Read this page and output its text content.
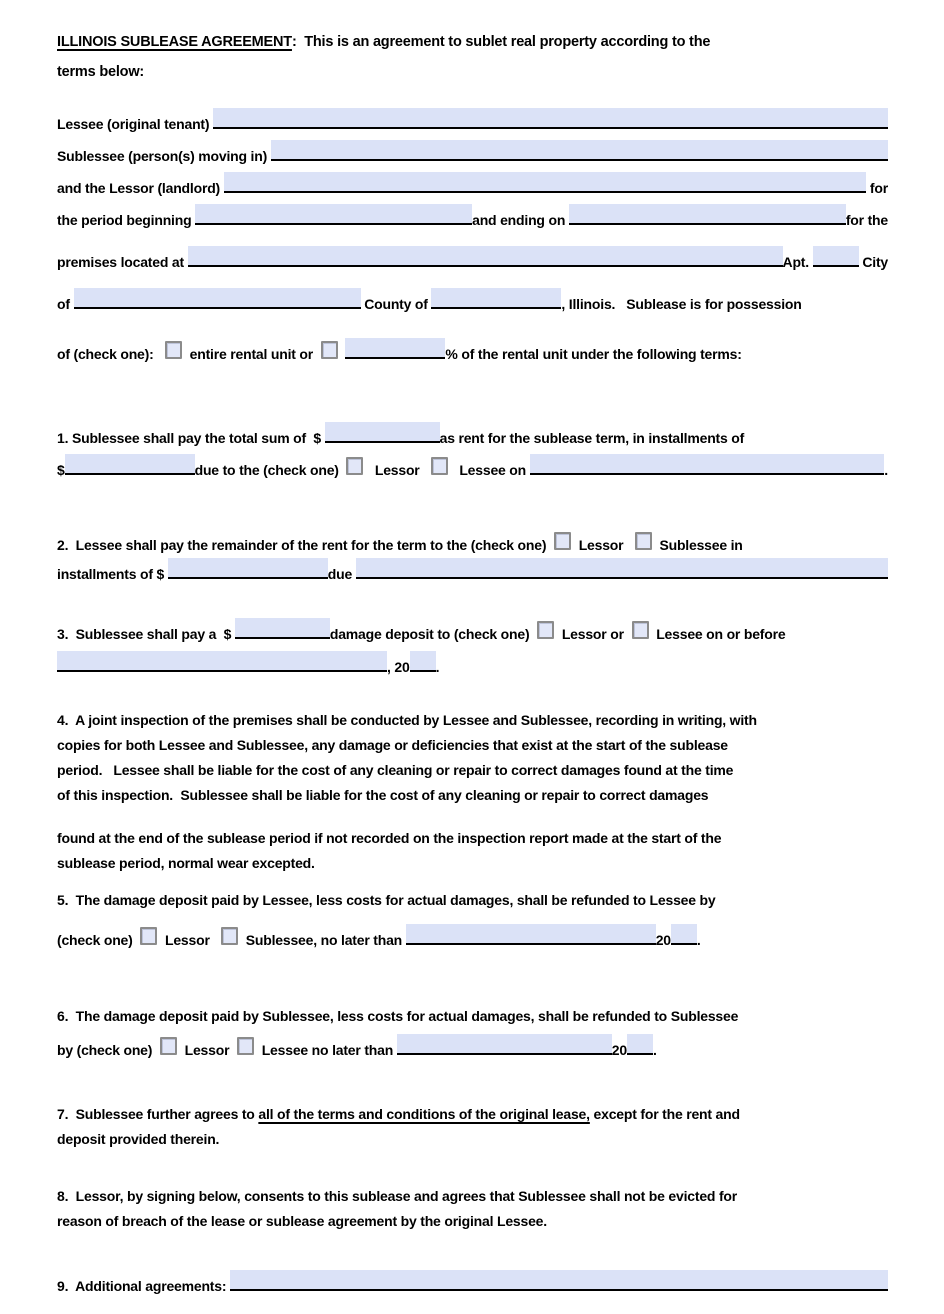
ILLINOIS SUBLEASE AGREEMENT :  This is an agreement to sublet real property according to the
terms below:
Lessee (original tenant)
Sublessee (person(s) moving in)
and the Lessor (landlord)	for
the period beginning	and ending on	for the
premises located at	Apt.	City
of	County of	, Illinois.   Sublease is for possession
of (check one): entire rental unit or
	% of the rental unit under the following terms:
1. Sublessee shall pay the total sum of  $	as rent for the sublease term, in installments of
$	due to the (check one) Lessor Lessee on	.
2.  Lessee shall pay the remainder of the rent for the term to the (check one) Lessor Sublessee in
installments of $	due
3.  Sublessee shall pay a  $	damage deposit to (check one) Lessor or Lessee on or before
, 20 .
4.  A joint inspection of the premises shall be conducted by Lessee and Sublessee, recording in writing, with
copies for both Lessee and Sublessee, any damage or deficiencies that exist at the start of the sublease
period.   Lessee shall be liable for the cost of any cleaning or repair to correct damages found at the time
of this inspection.  Sublessee shall be liable for the cost of any cleaning or repair to correct damages
found at the end of the sublease period if not recorded on the inspection report made at the start of the
sublease period, normal wear excepted.
5.  The damage deposit paid by Lessee, less costs for actual damages, shall be refunded to Lessee by
(check one) Lessor Sublessee, no later than	20 .
6.  The damage deposit paid by Sublessee, less costs for actual damages, shall be refunded to Sublessee
by (check one) Lessor Lessee no later than	20 .
7.  Sublessee further agrees to all of the terms and conditions of the original lease, except for the rent and
deposit provided therein.
8.  Lessor, by signing below, consents to this sublease and agrees that Sublessee shall not be evicted for
reason of breach of the lease or sublease agreement by the original Lessee.
9.  Additional agreements:
